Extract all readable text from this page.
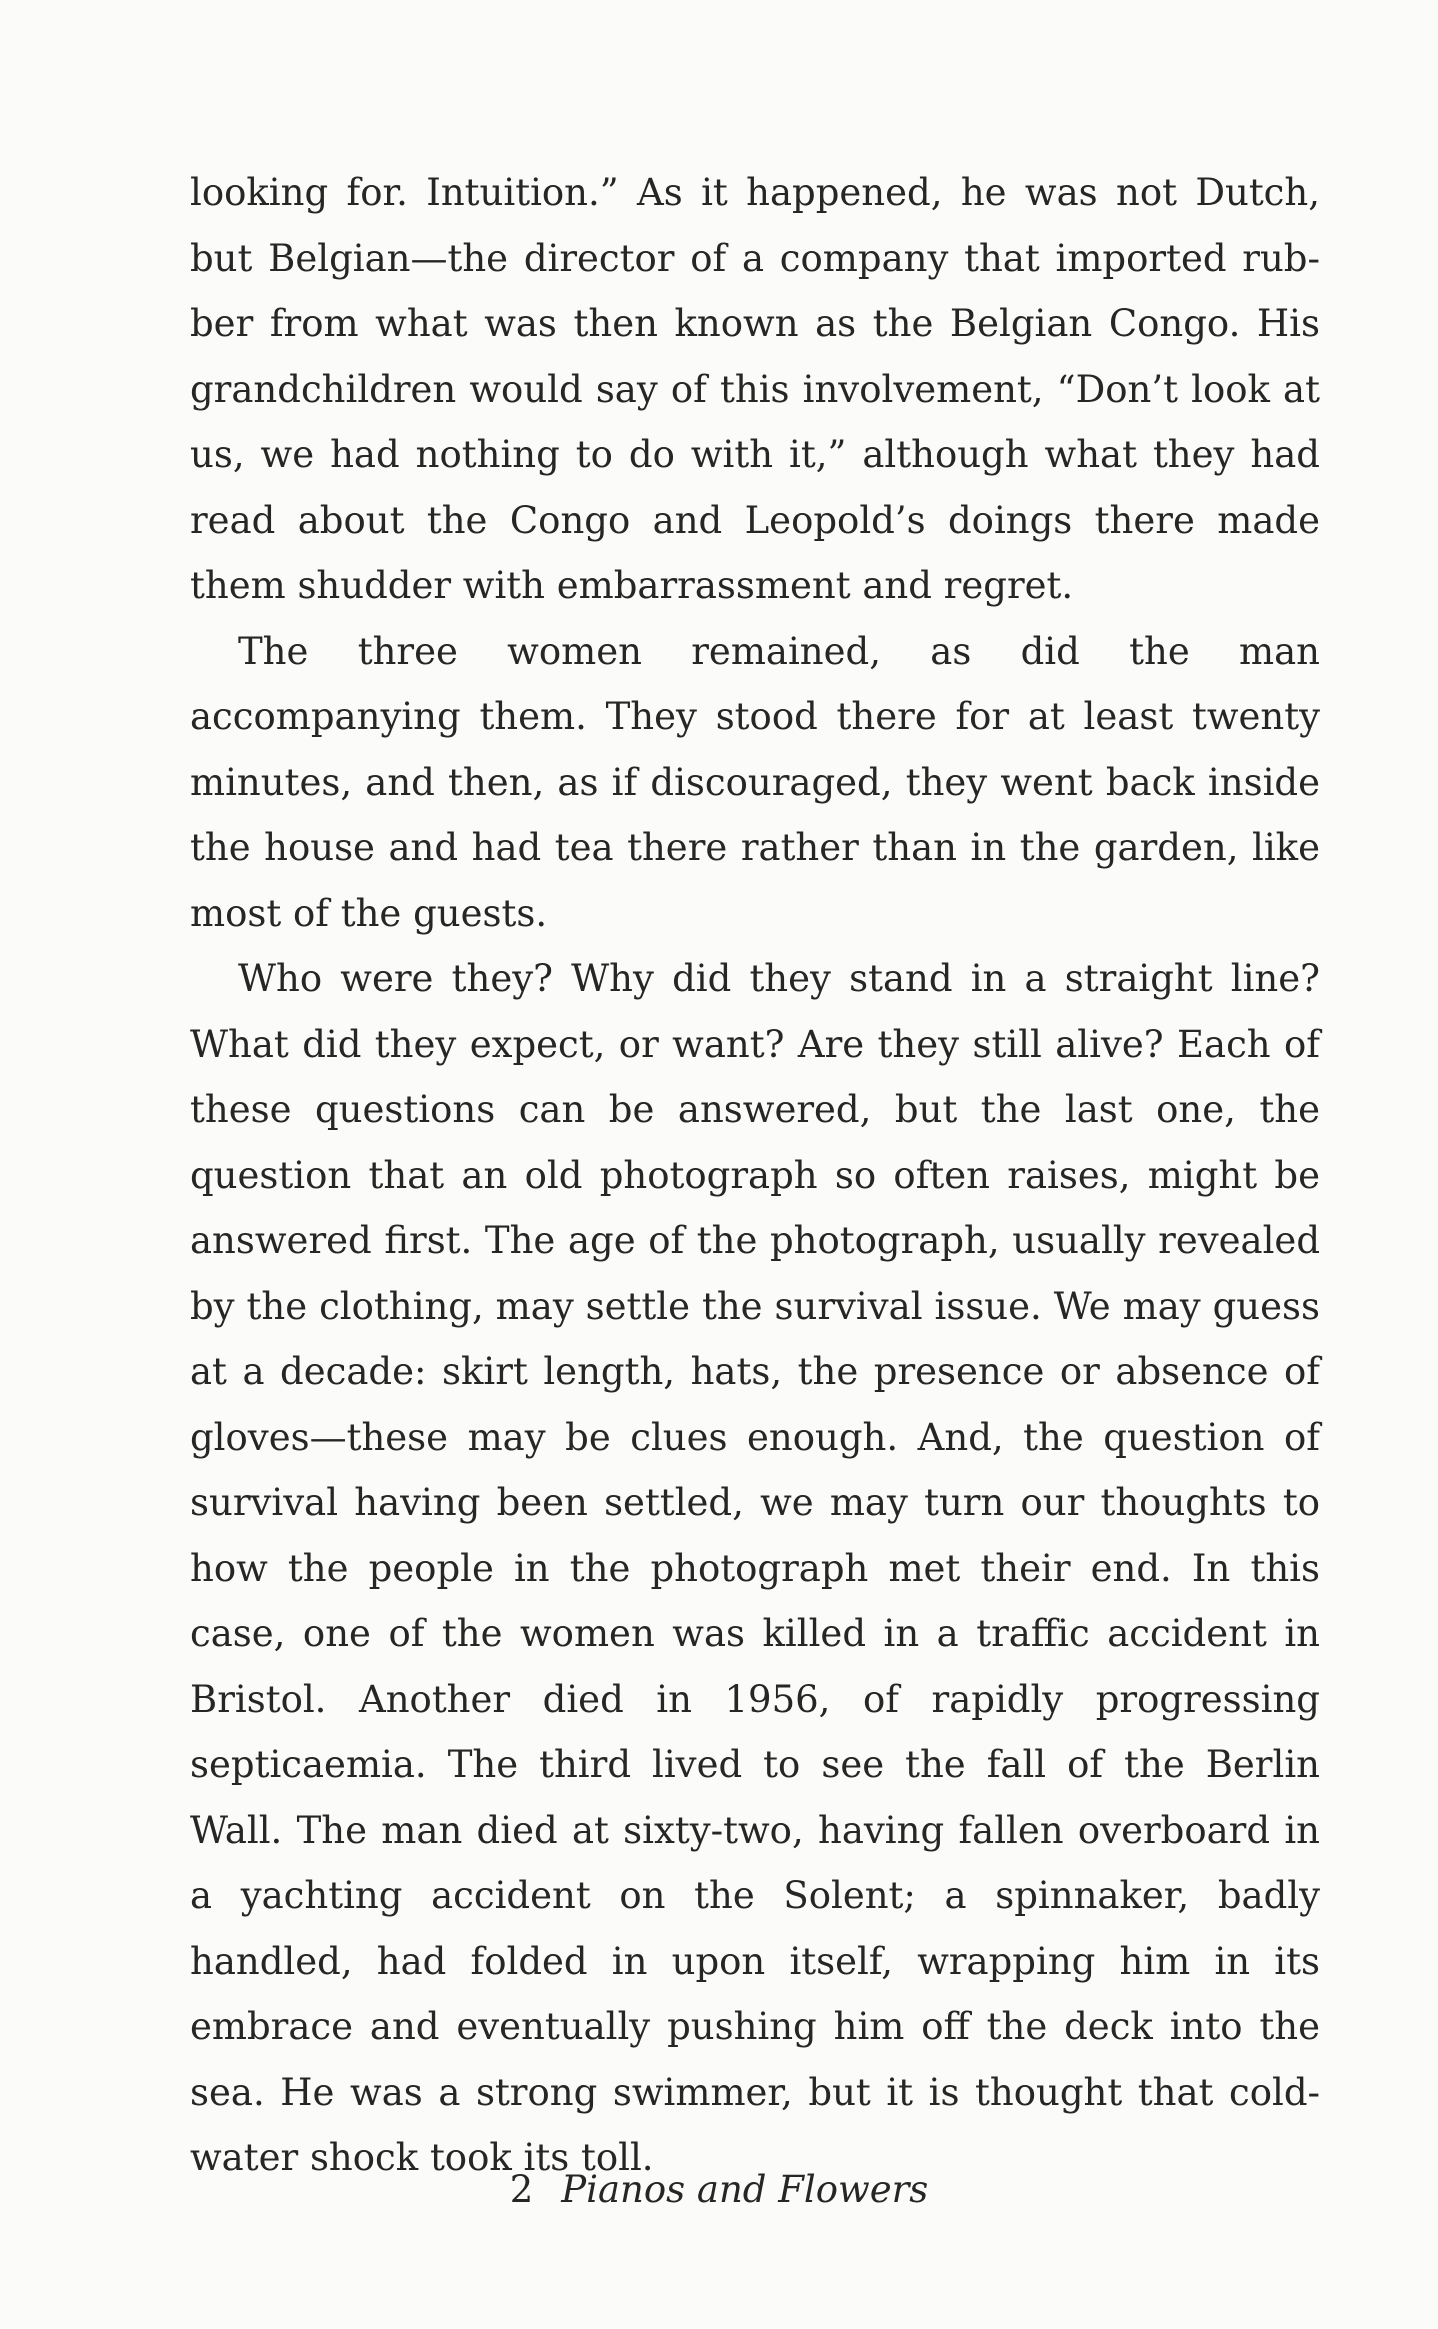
looking for. Intuition.” As it happened, he was not Dutch, but Belgian—the director of a company that imported rubber from what was then known as the Belgian Congo. His grandchildren would say of this involvement, “Don’t look at us, we had nothing to do with it,” although what they had read about the Congo and Leopold’s doings there made them shudder with embarrassment and regret.

The three women remained, as did the man accompanying them. They stood there for at least twenty minutes, and then, as if discouraged, they went back inside the house and had tea there rather than in the garden, like most of the guests.

Who were they? Why did they stand in a straight line? What did they expect, or want? Are they still alive? Each of these questions can be answered, but the last one, the question that an old photograph so often raises, might be answered first. The age of the photograph, usually revealed by the clothing, may settle the survival issue. We may guess at a decade: skirt length, hats, the presence or absence of gloves—these may be clues enough. And, the question of survival having been settled, we may turn our thoughts to how the people in the photograph met their end. In this case, one of the women was killed in a traffic accident in Bristol. Another died in 1956, of rapidly progressing septicaemia. The third lived to see the fall of the Berlin Wall. The man died at sixty-two, having fallen overboard in a yachting accident on the Solent; a spinnaker, badly handled, had folded in upon itself, wrapping him in its embrace and eventually pushing him off the deck into the sea. He was a strong swimmer, but it is thought that cold-water shock took its toll.

2 Pianos and Flowers
